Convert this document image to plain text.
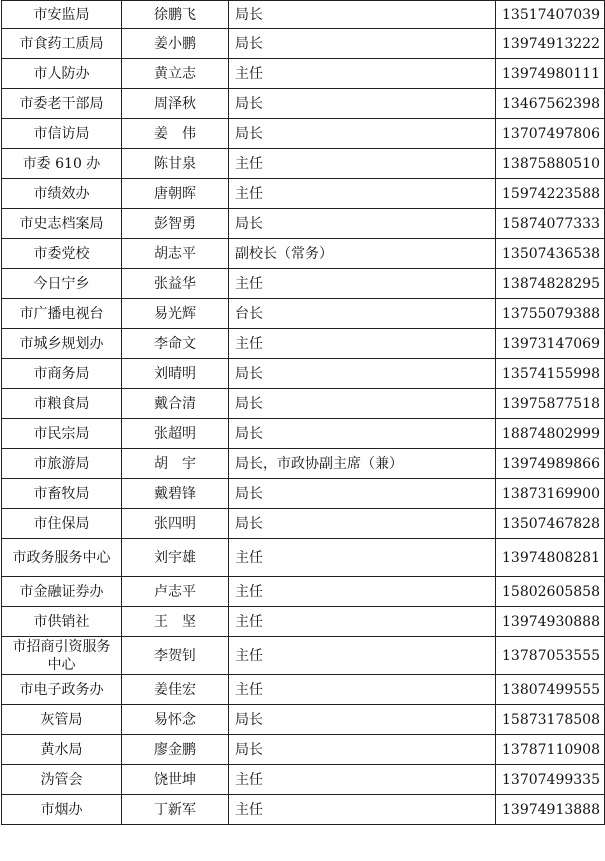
市安监局	徐鹏飞	局长	13517407039
市食药工质局	姜小鹏	局长	13974913222
市人防办	黄立志	主任	13974980111
市委老干部局	周泽秋	局长	13467562398
市信访局	姜　伟	局长	13707497806
市委 610 办	陈甘泉	主任	13875880510
市绩效办	唐朝晖	主任	15974223588
市史志档案局	彭智勇	局长	15874077333
市委党校	胡志平	副校长（常务）	13507436538
今日宁乡	张益华	主任	13874828295
市广播电视台	易光辉	台长	13755079388
市城乡规划办	李命文	主任	13973147069
市商务局	刘晴明	局长	13574155998
市粮食局	戴合清	局长	13975877518
市民宗局	张超明	局长	18874802999
市旅游局	胡　宇	局长，市政协副主席（兼）	13974989866
市畜牧局	戴碧锋	局长	13873169900
市住保局	张四明	局长	13507467828
市政务服务中心	刘宇雄	主任	13974808281
市金融证券办	卢志平	主任	15802605858
市供销社	王　坚	主任	13974930888
市招商引资服务中心	李贺钊	主任	13787053555
市电子政务办	姜佳宏	主任	13807499555
灰管局	易怀念	局长	15873178508
黄水局	廖金鹏	局长	13787110908
沩管会	饶世坤	主任	13707499335
市烟办	丁新军	主任	13974913888
